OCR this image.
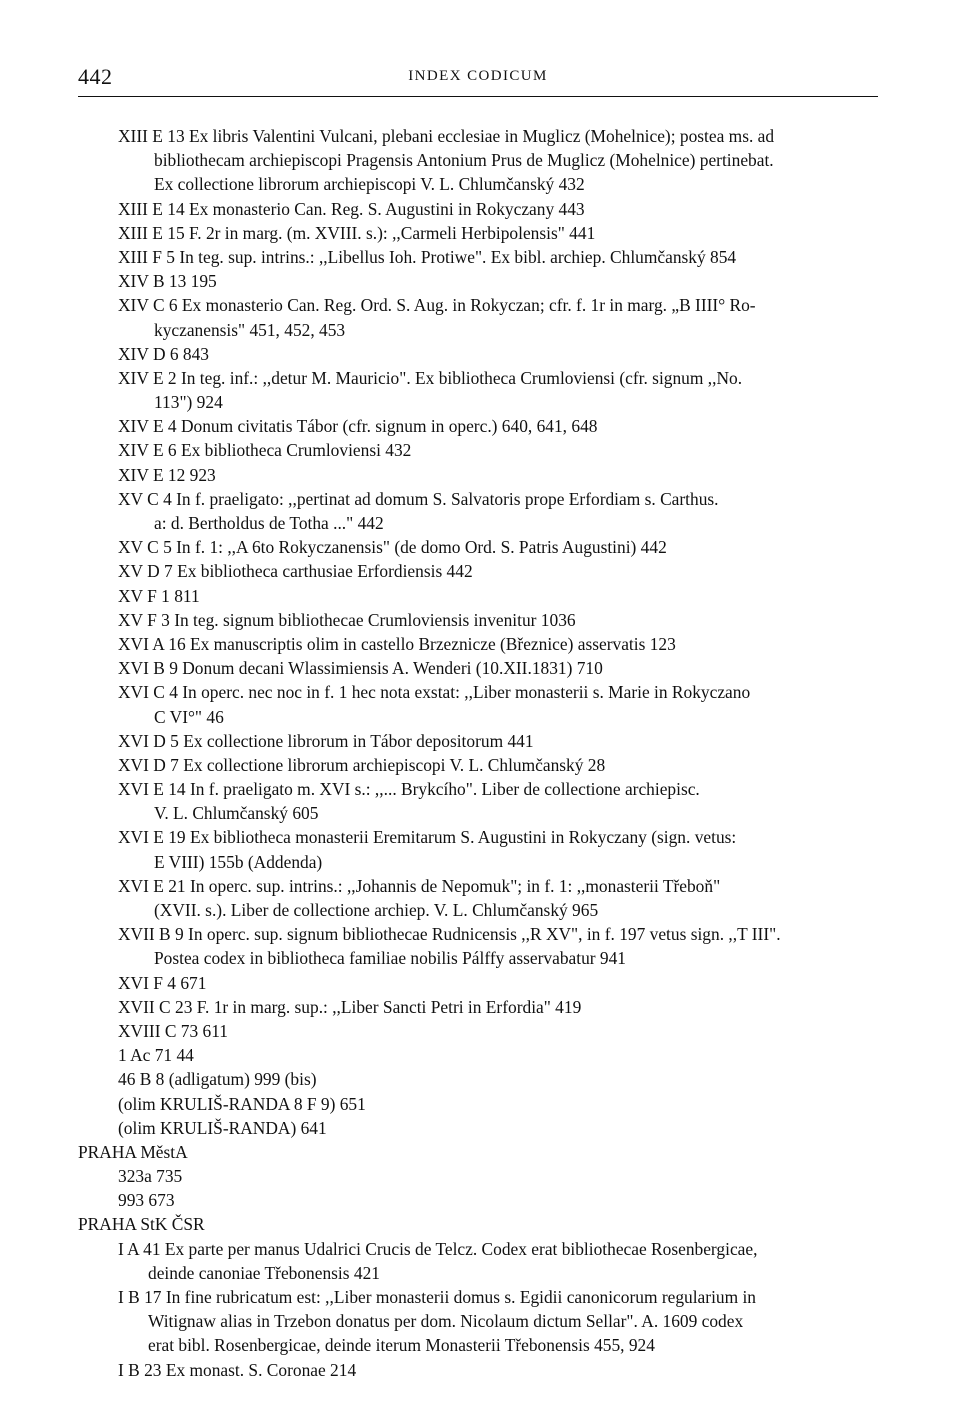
442	INDEX CODICUM
XIII E 13 Ex libris Valentini Vulcani, plebani ecclesiae in Muglicz (Mohelnice); postea ms. ad
bibliothecam archiepiscopi Pragensis Antonium Prus de Muglicz (Mohelnice) pertinebat.
Ex collectione librorum archiepiscopi V. L. Chlumčanský 432
XIII E 14 Ex monasterio Can. Reg. S. Augustini in Rokyczany 443
XIII E 15 F. 2r in marg. (m. XVIII. s.): ,,Carmeli Herbipolensis" 441
XIII F 5 In teg. sup. intrins.: ,,Libellus Ioh. Protiwe". Ex bibl. archiep. Chlumčanský 854
XIV B 13 195
XIV C 6 Ex monasterio Can. Reg. Ord. S. Aug. in Rokyczan; cfr. f. 1r in marg. „B IIII° Ro-
kyczanensis" 451, 452, 453
XIV D 6 843
XIV E 2 In teg. inf.: ,,detur M. Mauricio". Ex bibliotheca Crumloviensi (cfr. signum ,,No.
113") 924
XIV E 4 Donum civitatis Tábor (cfr. signum in operc.) 640, 641, 648
XIV E 6 Ex bibliotheca Crumloviensi 432
XIV E 12 923
XV C 4 In f. praeligato: ,,pertinat ad domum S. Salvatoris prope Erfordiam s. Carthus.
a: d. Bertholdus de Totha ..." 442
XV C 5 In f. 1: ,,A 6to Rokyczanensis" (de domo Ord. S. Patris Augustini) 442
XV D 7 Ex bibliotheca carthusiae Erfordiensis 442
XV F 1 811
XV F 3 In teg. signum bibliothecae Crumloviensis invenitur 1036
XVI A 16 Ex manuscriptis olim in castello Brzeznicze (Březnice) asservatis 123
XVI B 9 Donum decani Wlassimiensis A. Wenderi (10.XII.1831) 710
XVI C 4 In operc. nec noc in f. 1 hec nota exstat: ,,Liber monasterii s. Marie in Rokyczano
C VI°" 46
XVI D 5 Ex collectione librorum in Tábor depositorum 441
XVI D 7 Ex collectione librorum archiepiscopi V. L. Chlumčanský 28
XVI E 14 In f. praeligato m. XVI s.: ,,... Brykcího". Liber de collectione archiepisc.
V. L. Chlumčanský 605
XVI E 19 Ex bibliotheca monasterii Eremitarum S. Augustini in Rokyczany (sign. vetus:
E VIII) 155b (Addenda)
XVI E 21 In operc. sup. intrins.: ,,Johannis de Nepomuk"; in f. 1: ,,monasterii Třeboň"
(XVII. s.). Liber de collectione archiep. V. L. Chlumčanský 965
XVII B 9 In operc. sup. signum bibliothecae Rudnicensis ,,R XV", in f. 197 vetus sign. ,,T III".
Postea codex in bibliotheca familiae nobilis Pálffy asservabatur 941
XVI F 4 671
XVII C 23 F. 1r in marg. sup.: ,,Liber Sancti Petri in Erfordia" 419
XVIII C 73 611
1 Ac 71 44
46 B 8 (adligatum) 999 (bis)
(olim KRULIŠ-RANDA 8 F 9) 651
(olim KRULIŠ-RANDA) 641
PRAHA MěstA
323a 735
993 673
PRAHA StK ČSR
I A 41 Ex parte per manus Udalrici Crucis de Telcz. Codex erat bibliothecae Rosenbergicae,
deinde canoniae Třebonensis 421
I B 17 In fine rubricatum est: ,,Liber monasterii domus s. Egidii canonicorum regularium in
Witignaw alias in Trzebon donatus per dom. Nicolaum dictum Sellar". A. 1609 codex
erat bibl. Rosenbergicae, deinde iterum Monasterii Třebonensis 455, 924
I B 23 Ex monast. S. Coronae 214
